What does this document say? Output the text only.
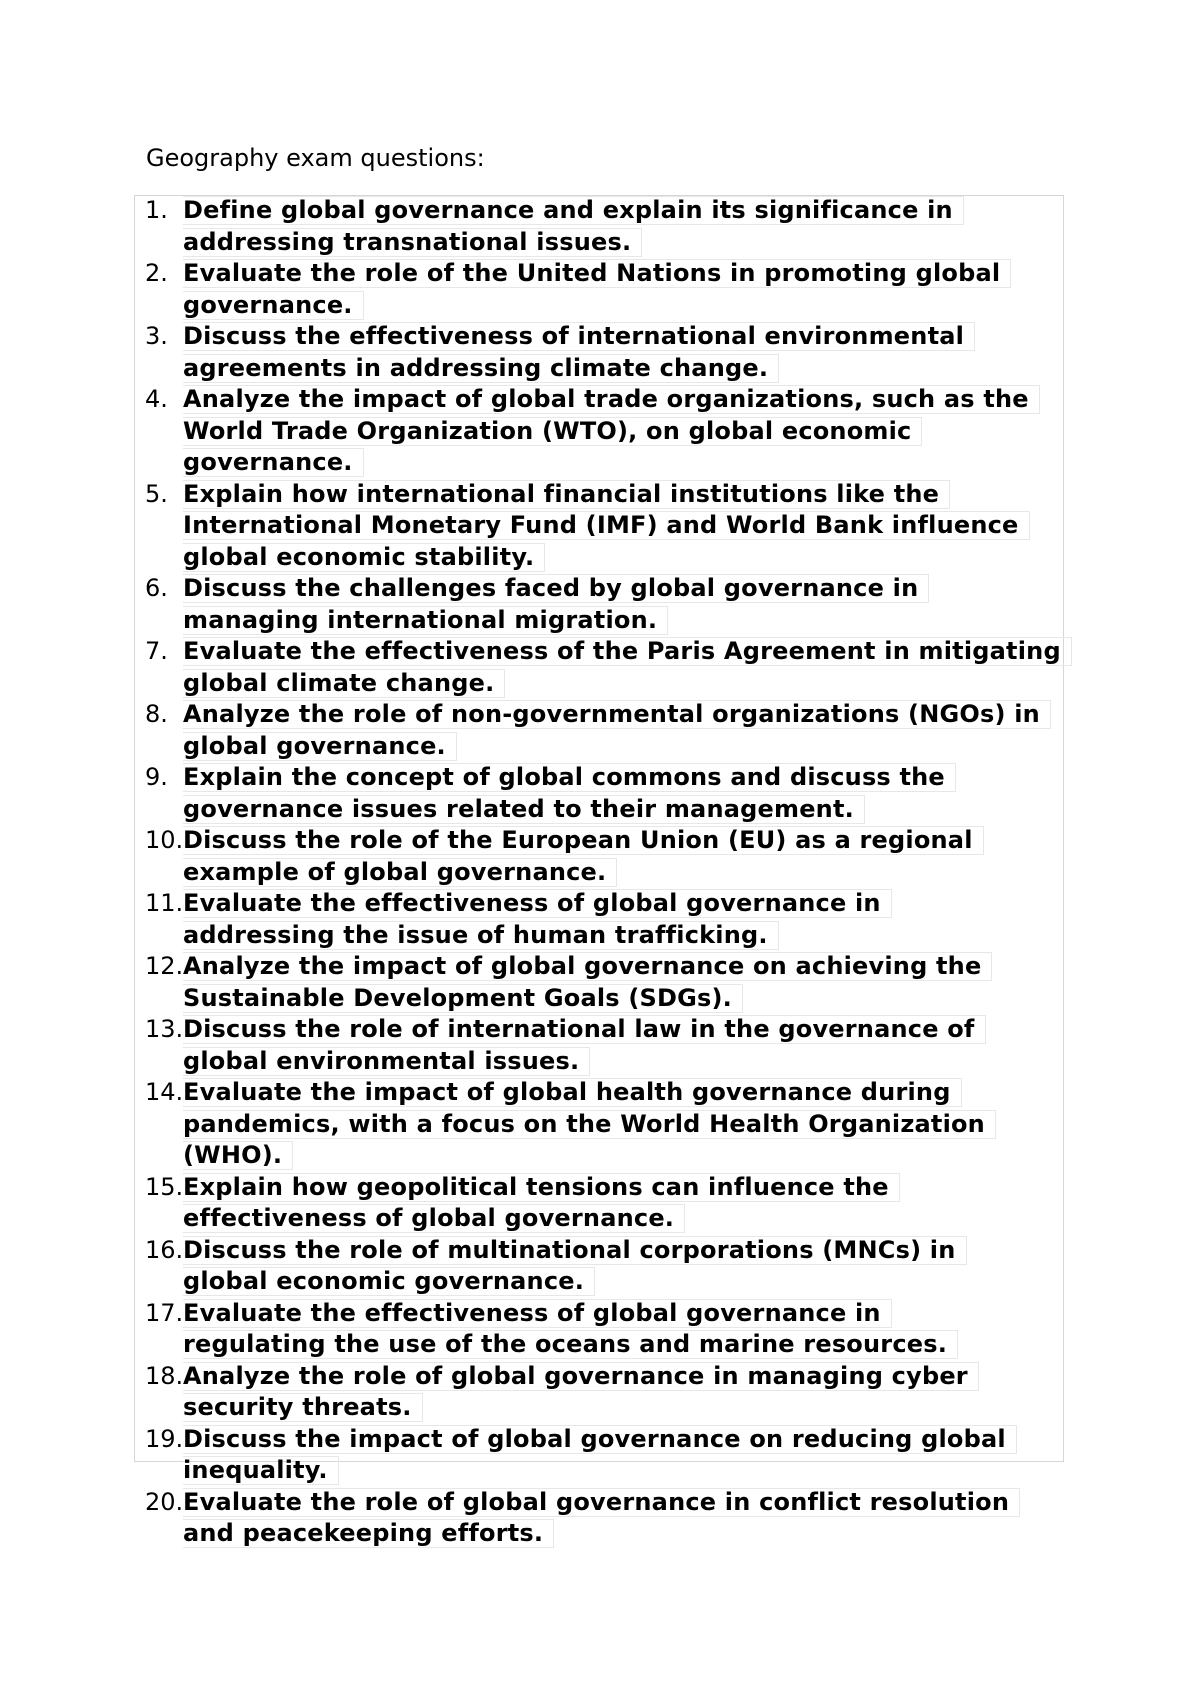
Geography exam questions:
1. Define global governance and explain its significance in
addressing transnational issues.
2. Evaluate the role of the United Nations in promoting global
governance.
3. Discuss the effectiveness of international environmental
agreements in addressing climate change.
4. Analyze the impact of global trade organizations, such as the
World Trade Organization (WTO), on global economic
governance.
5. Explain how international financial institutions like the
International Monetary Fund (IMF) and World Bank influence
global economic stability.
6. Discuss the challenges faced by global governance in
managing international migration.
7. Evaluate the effectiveness of the Paris Agreement in mitigating
global climate change.
8. Analyze the role of non-governmental organizations (NGOs) in
global governance.
9. Explain the concept of global commons and discuss the
governance issues related to their management.
10. Discuss the role of the European Union (EU) as a regional
example of global governance.
11. Evaluate the effectiveness of global governance in
addressing the issue of human trafficking.
12. Analyze the impact of global governance on achieving the
Sustainable Development Goals (SDGs).
13. Discuss the role of international law in the governance of
global environmental issues.
14. Evaluate the impact of global health governance during
pandemics, with a focus on the World Health Organization
(WHO).
15. Explain how geopolitical tensions can influence the
effectiveness of global governance.
16. Discuss the role of multinational corporations (MNCs) in
global economic governance.
17. Evaluate the effectiveness of global governance in
regulating the use of the oceans and marine resources.
18. Analyze the role of global governance in managing cyber
security threats.
19. Discuss the impact of global governance on reducing global
inequality.
20. Evaluate the role of global governance in conflict resolution
and peacekeeping efforts.
